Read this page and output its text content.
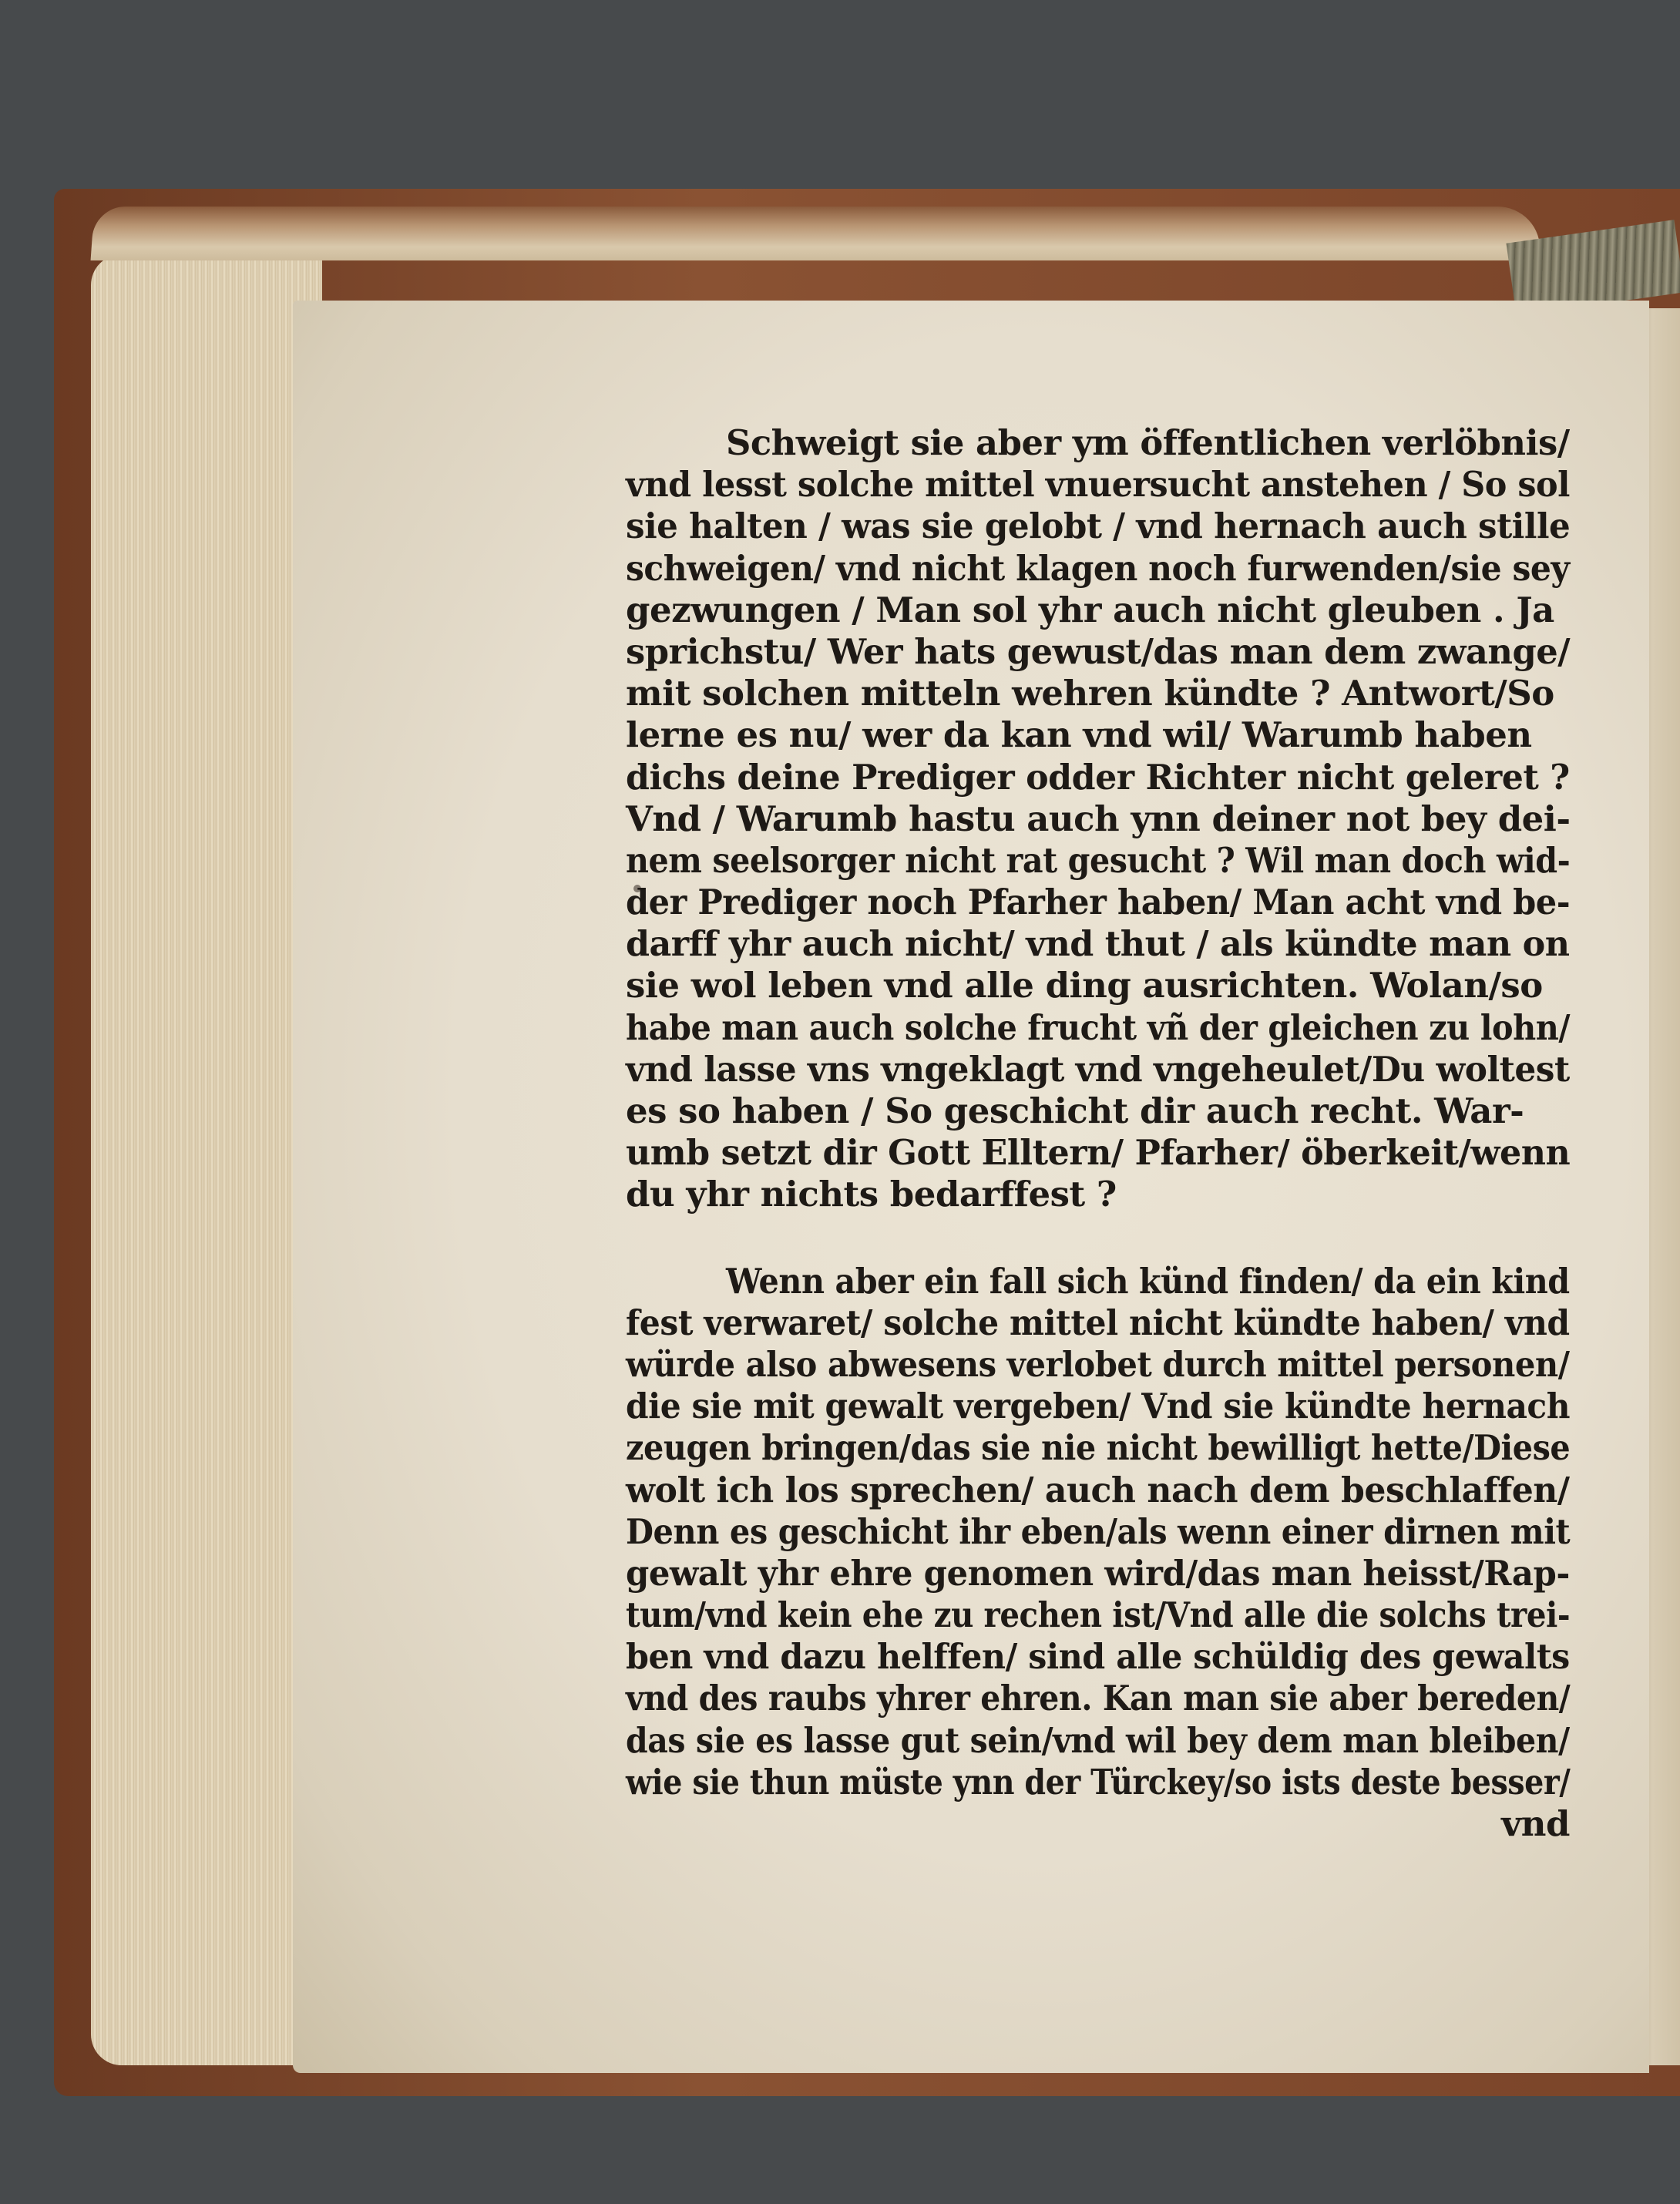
Schweigt sie aber ym öffentlichen verlöbnis/
vnd lesst solche mittel vnuersucht anstehen / So sol
sie halten / was sie gelobt / vnd hernach auch stille
schweigen/ vnd nicht klagen noch furwenden/sie sey
gezwungen / Man sol yhr auch nicht gleuben . Ja
sprichstu/ Wer hats gewust/das man dem zwange/
mit solchen mitteln wehren kündte ? Antwort/So
lerne es nu/ wer da kan vnd wil/ Warumb haben
dichs deine Prediger odder Richter nicht geleret ?
Vnd / Warumb hastu auch ynn deiner not bey dei-
nem seelsorger nicht rat gesucht ? Wil man doch wid-
der Prediger noch Pfarher haben/ Man acht vnd be-
darff yhr auch nicht/ vnd thut / als kündte man on
sie wol leben vnd alle ding ausrichten. Wolan/so
habe man auch solche frucht vñ der gleichen zu lohn/
vnd lasse vns vngeklagt vnd vngeheulet/Du woltest
es so haben / So geschicht dir auch recht. War-
umb setzt dir Gott Elltern/ Pfarher/ öberkeit/wenn
du yhr nichts bedarffest ?
Wenn aber ein fall sich künd finden/ da ein kind
fest verwaret/ solche mittel nicht kündte haben/ vnd
würde also abwesens verlobet durch mittel personen/
die sie mit gewalt vergeben/ Vnd sie kündte hernach
zeugen bringen/das sie nie nicht bewilligt hette/Diese
wolt ich los sprechen/ auch nach dem beschlaffen/
Denn es geschicht ihr eben/als wenn einer dirnen mit
gewalt yhr ehre genomen wird/das man heisst/Rap-
tum/vnd kein ehe zu rechen ist/Vnd alle die solchs trei-
ben vnd dazu helffen/ sind alle schüldig des gewalts
vnd des raubs yhrer ehren. Kan man sie aber bereden/
das sie es lasse gut sein/vnd wil bey dem man bleiben/
wie sie thun müste ynn der Türckey/so ists deste besser/
vnd
